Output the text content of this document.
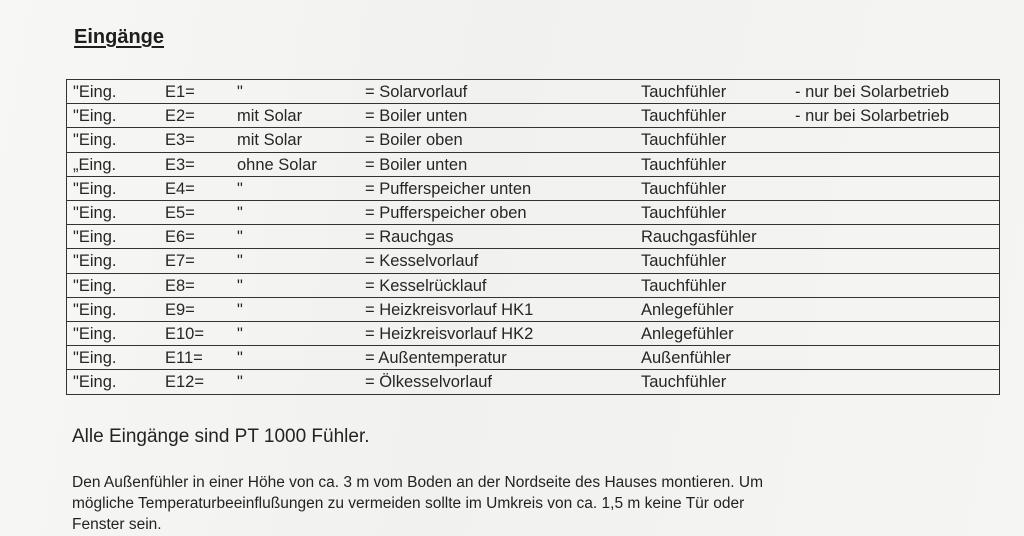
Eingänge
"Eing.	E1=	"	= Solarvorlauf	Tauchfühler	- nur bei Solarbetrieb
"Eing.	E2=	mit Solar	= Boiler unten	Tauchfühler	- nur bei Solarbetrieb
"Eing.	E3=	mit Solar	= Boiler oben	Tauchfühler
„Eing.	E3=	ohne Solar	= Boiler unten	Tauchfühler
"Eing.	E4=	"	= Pufferspeicher unten	Tauchfühler
"Eing.	E5=	"	= Pufferspeicher oben	Tauchfühler
"Eing.	E6=	"	= Rauchgas	Rauchgasfühler
"Eing.	E7=	"	= Kesselvorlauf	Tauchfühler
"Eing.	E8=	"	= Kesselrücklauf	Tauchfühler
"Eing.	E9=	"	= Heizkreisvorlauf HK1	Anlegefühler
"Eing.	E10= "	= Heizkreisvorlauf HK2	Anlegefühler
"Eing.	E11= "	= Außentemperatur	Außenfühler
"Eing.	E12= "	= Ölkesselvorlauf	Tauchfühler
Alle Eingänge sind PT 1000 Fühler.
Den Außenfühler in einer Höhe von ca. 3 m vom Boden an der Nordseite des Hauses montieren. Um
mögliche Temperaturbeeinflußungen zu vermeiden sollte im Umkreis von ca. 1,5 m keine Tür oder
Fenster sein.
